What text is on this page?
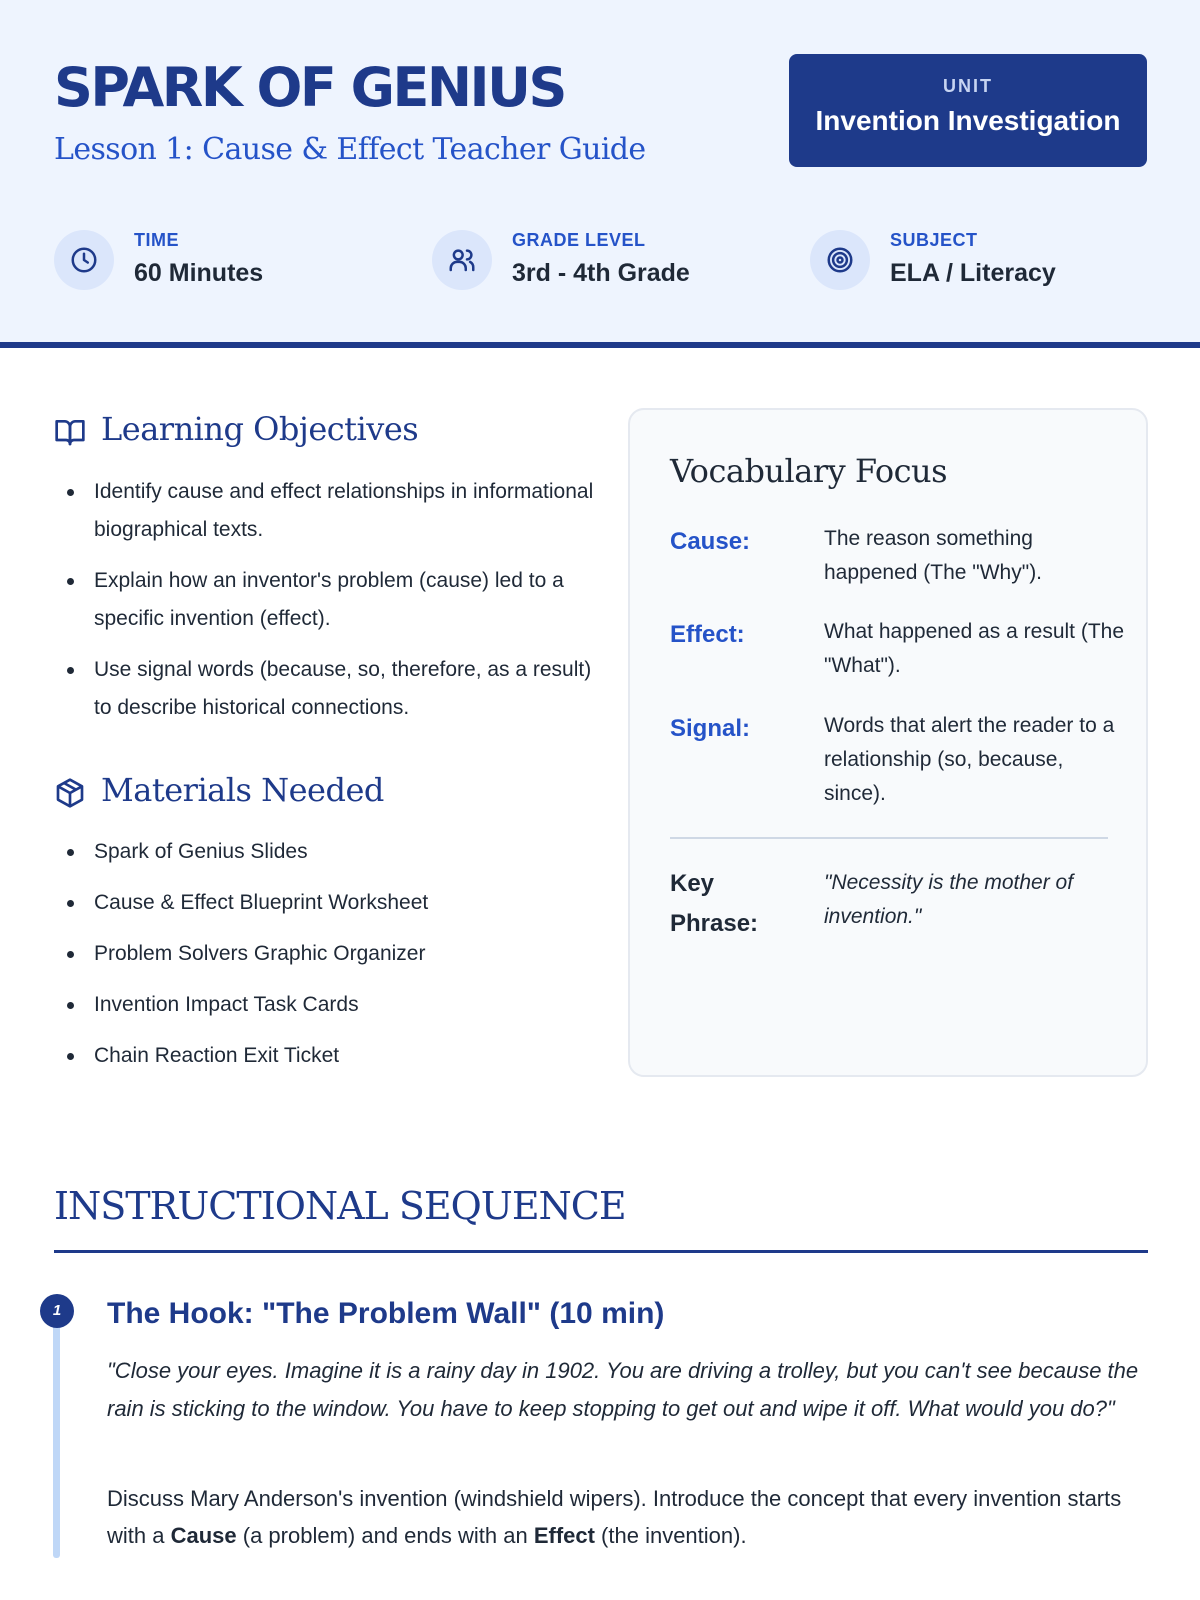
SPARK OF GENIUS
Lesson 1: Cause & Effect Teacher Guide
UNIT
Invention Investigation
TIME
60 Minutes
GRADE LEVEL
3rd - 4th Grade
SUBJECT
ELA / Literacy
Learning Objectives
Identify cause and effect relationships in informational biographical texts.
Explain how an inventor's problem (cause) led to a specific invention (effect).
Use signal words (because, so, therefore, as a result) to describe historical connections.
Materials Needed
Spark of Genius Slides
Cause & Effect Blueprint Worksheet
Problem Solvers Graphic Organizer
Invention Impact Task Cards
Chain Reaction Exit Ticket
Vocabulary Focus
Cause:	The reason something happened (The "Why").
Effect:	What happened as a result (The "What").
Signal:	Words that alert the reader to a relationship (so, because, since).
Key Phrase:
"Necessity is the mother of invention."
INSTRUCTIONAL SEQUENCE
1	The Hook: "The Problem Wall" (10 min)
"Close your eyes. Imagine it is a rainy day in 1902. You are driving a trolley, but you can't see because the rain is sticking to the window. You have to keep stopping to get out and wipe it off. What would you do?"
Discuss Mary Anderson's invention (windshield wipers). Introduce the concept that every invention starts with a Cause (a problem) and ends with an Effect (the invention).
